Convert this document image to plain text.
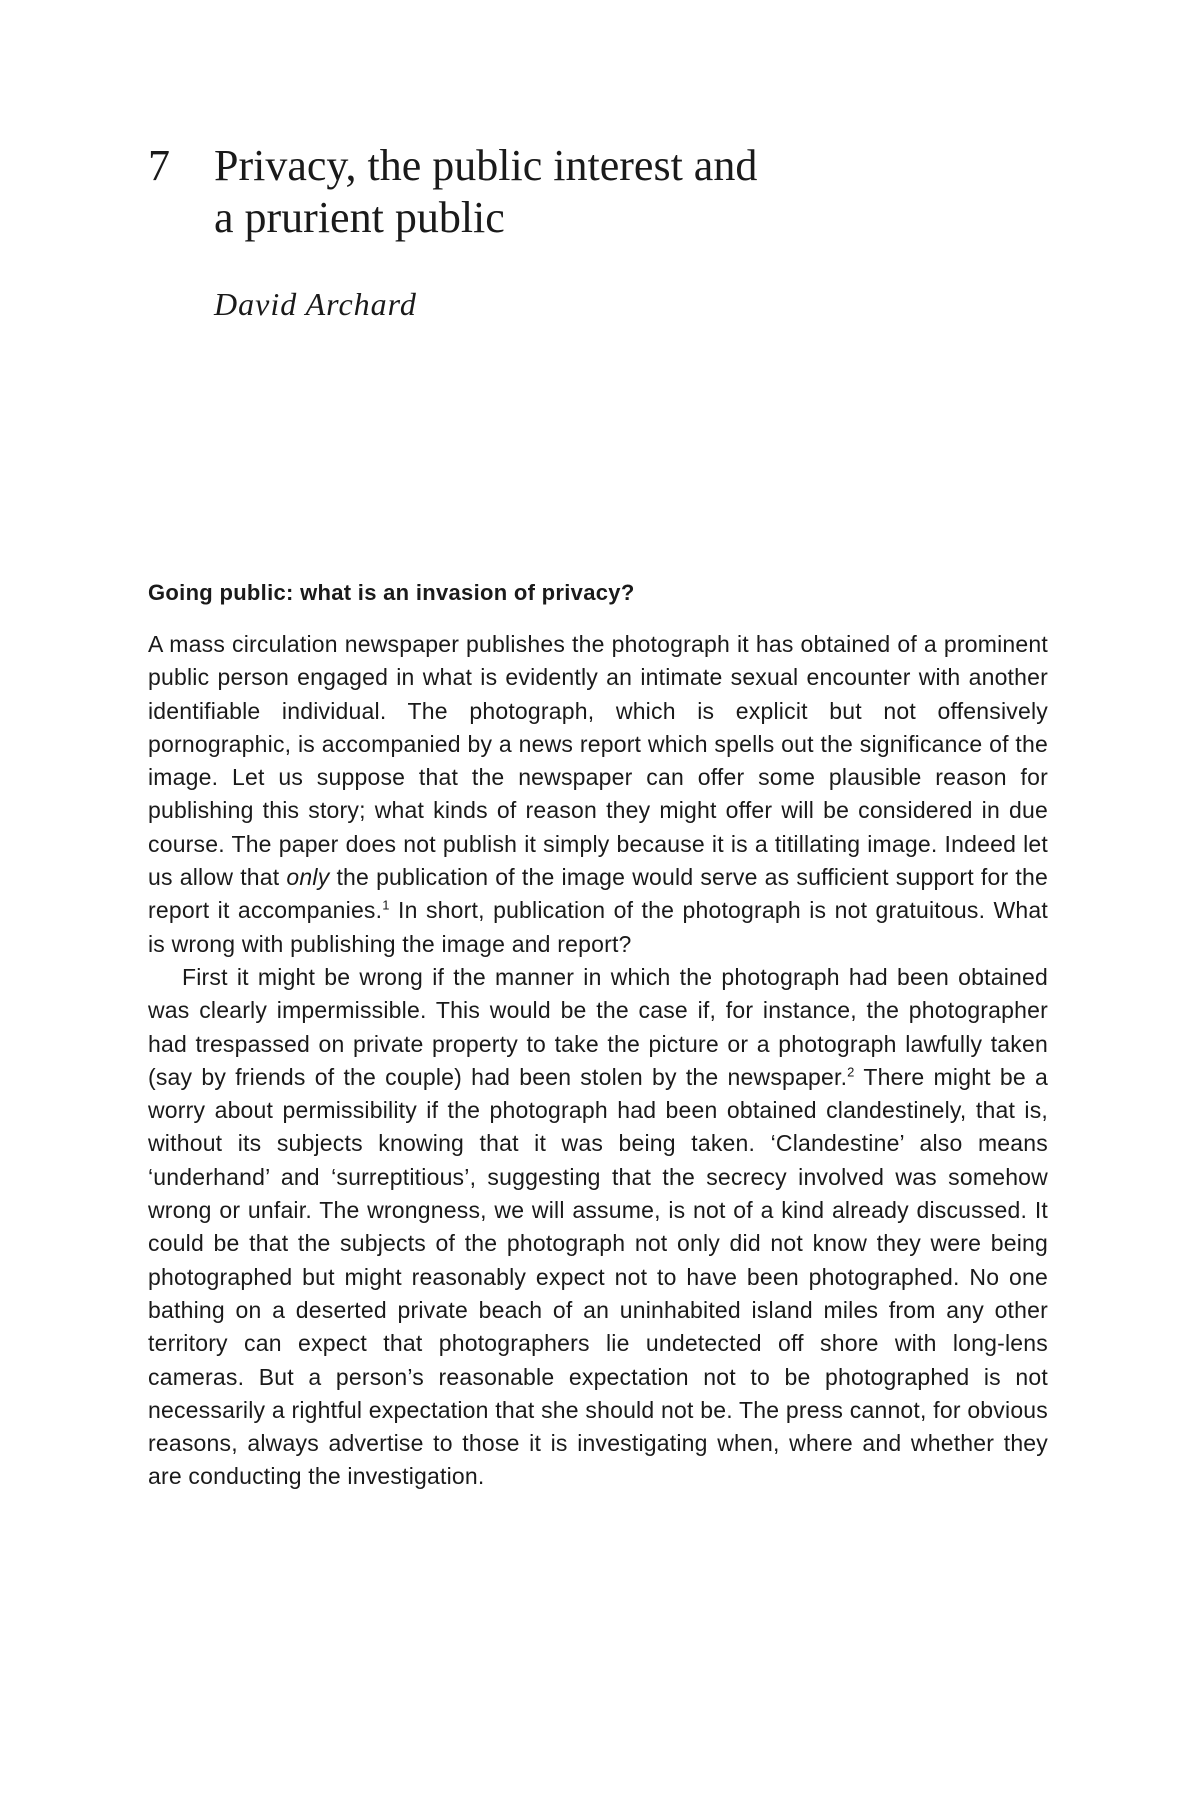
7	Privacy, the public interest and
a prurient public
David Archard
Going public: what is an invasion of privacy?

A mass circulation newspaper publishes the photograph it has obtained of a prominent public person engaged in what is evidently an intimate sexual encounter with another identifiable individual. The photograph, which is explicit but not offensively pornographic, is accompanied by a news report which spells out the significance of the image. Let us suppose that the newspaper can offer some plausible reason for publishing this story; what kinds of reason they might offer will be considered in due course. The paper does not publish it simply because it is a titillating image. Indeed let us allow that only the publication of the image would serve as sufficient support for the report it accompanies.$^1$ In short, publication of the photograph is not gratuitous. What is wrong with publishing the image and report?

First it might be wrong if the manner in which the photograph had been obtained was clearly impermissible. This would be the case if, for instance, the photographer had trespassed on private property to take the picture or a photograph lawfully taken (say by friends of the couple) had been stolen by the newspaper.$^2$ There might be a worry about permissibility if the photograph had been obtained clandestinely, that is, without its subjects knowing that it was being taken. ‘Clandestine’ also means ‘underhand’ and ‘surreptitious’, suggesting that the secrecy involved was somehow wrong or unfair. The wrongness, we will assume, is not of a kind already discussed. It could be that the subjects of the photograph not only did not know they were being photographed but might reasonably expect not to have been photographed. No one bathing on a deserted private beach of an uninhabited island miles from any other territory can expect that photographers lie undetected off shore with long-lens cameras. But a person’s reasonable expectation not to be photographed is not necessarily a rightful expectation that she should not be. The press cannot, for obvious reasons, always advertise to those it is investigating when, where and whether they are conducting the investigation.
